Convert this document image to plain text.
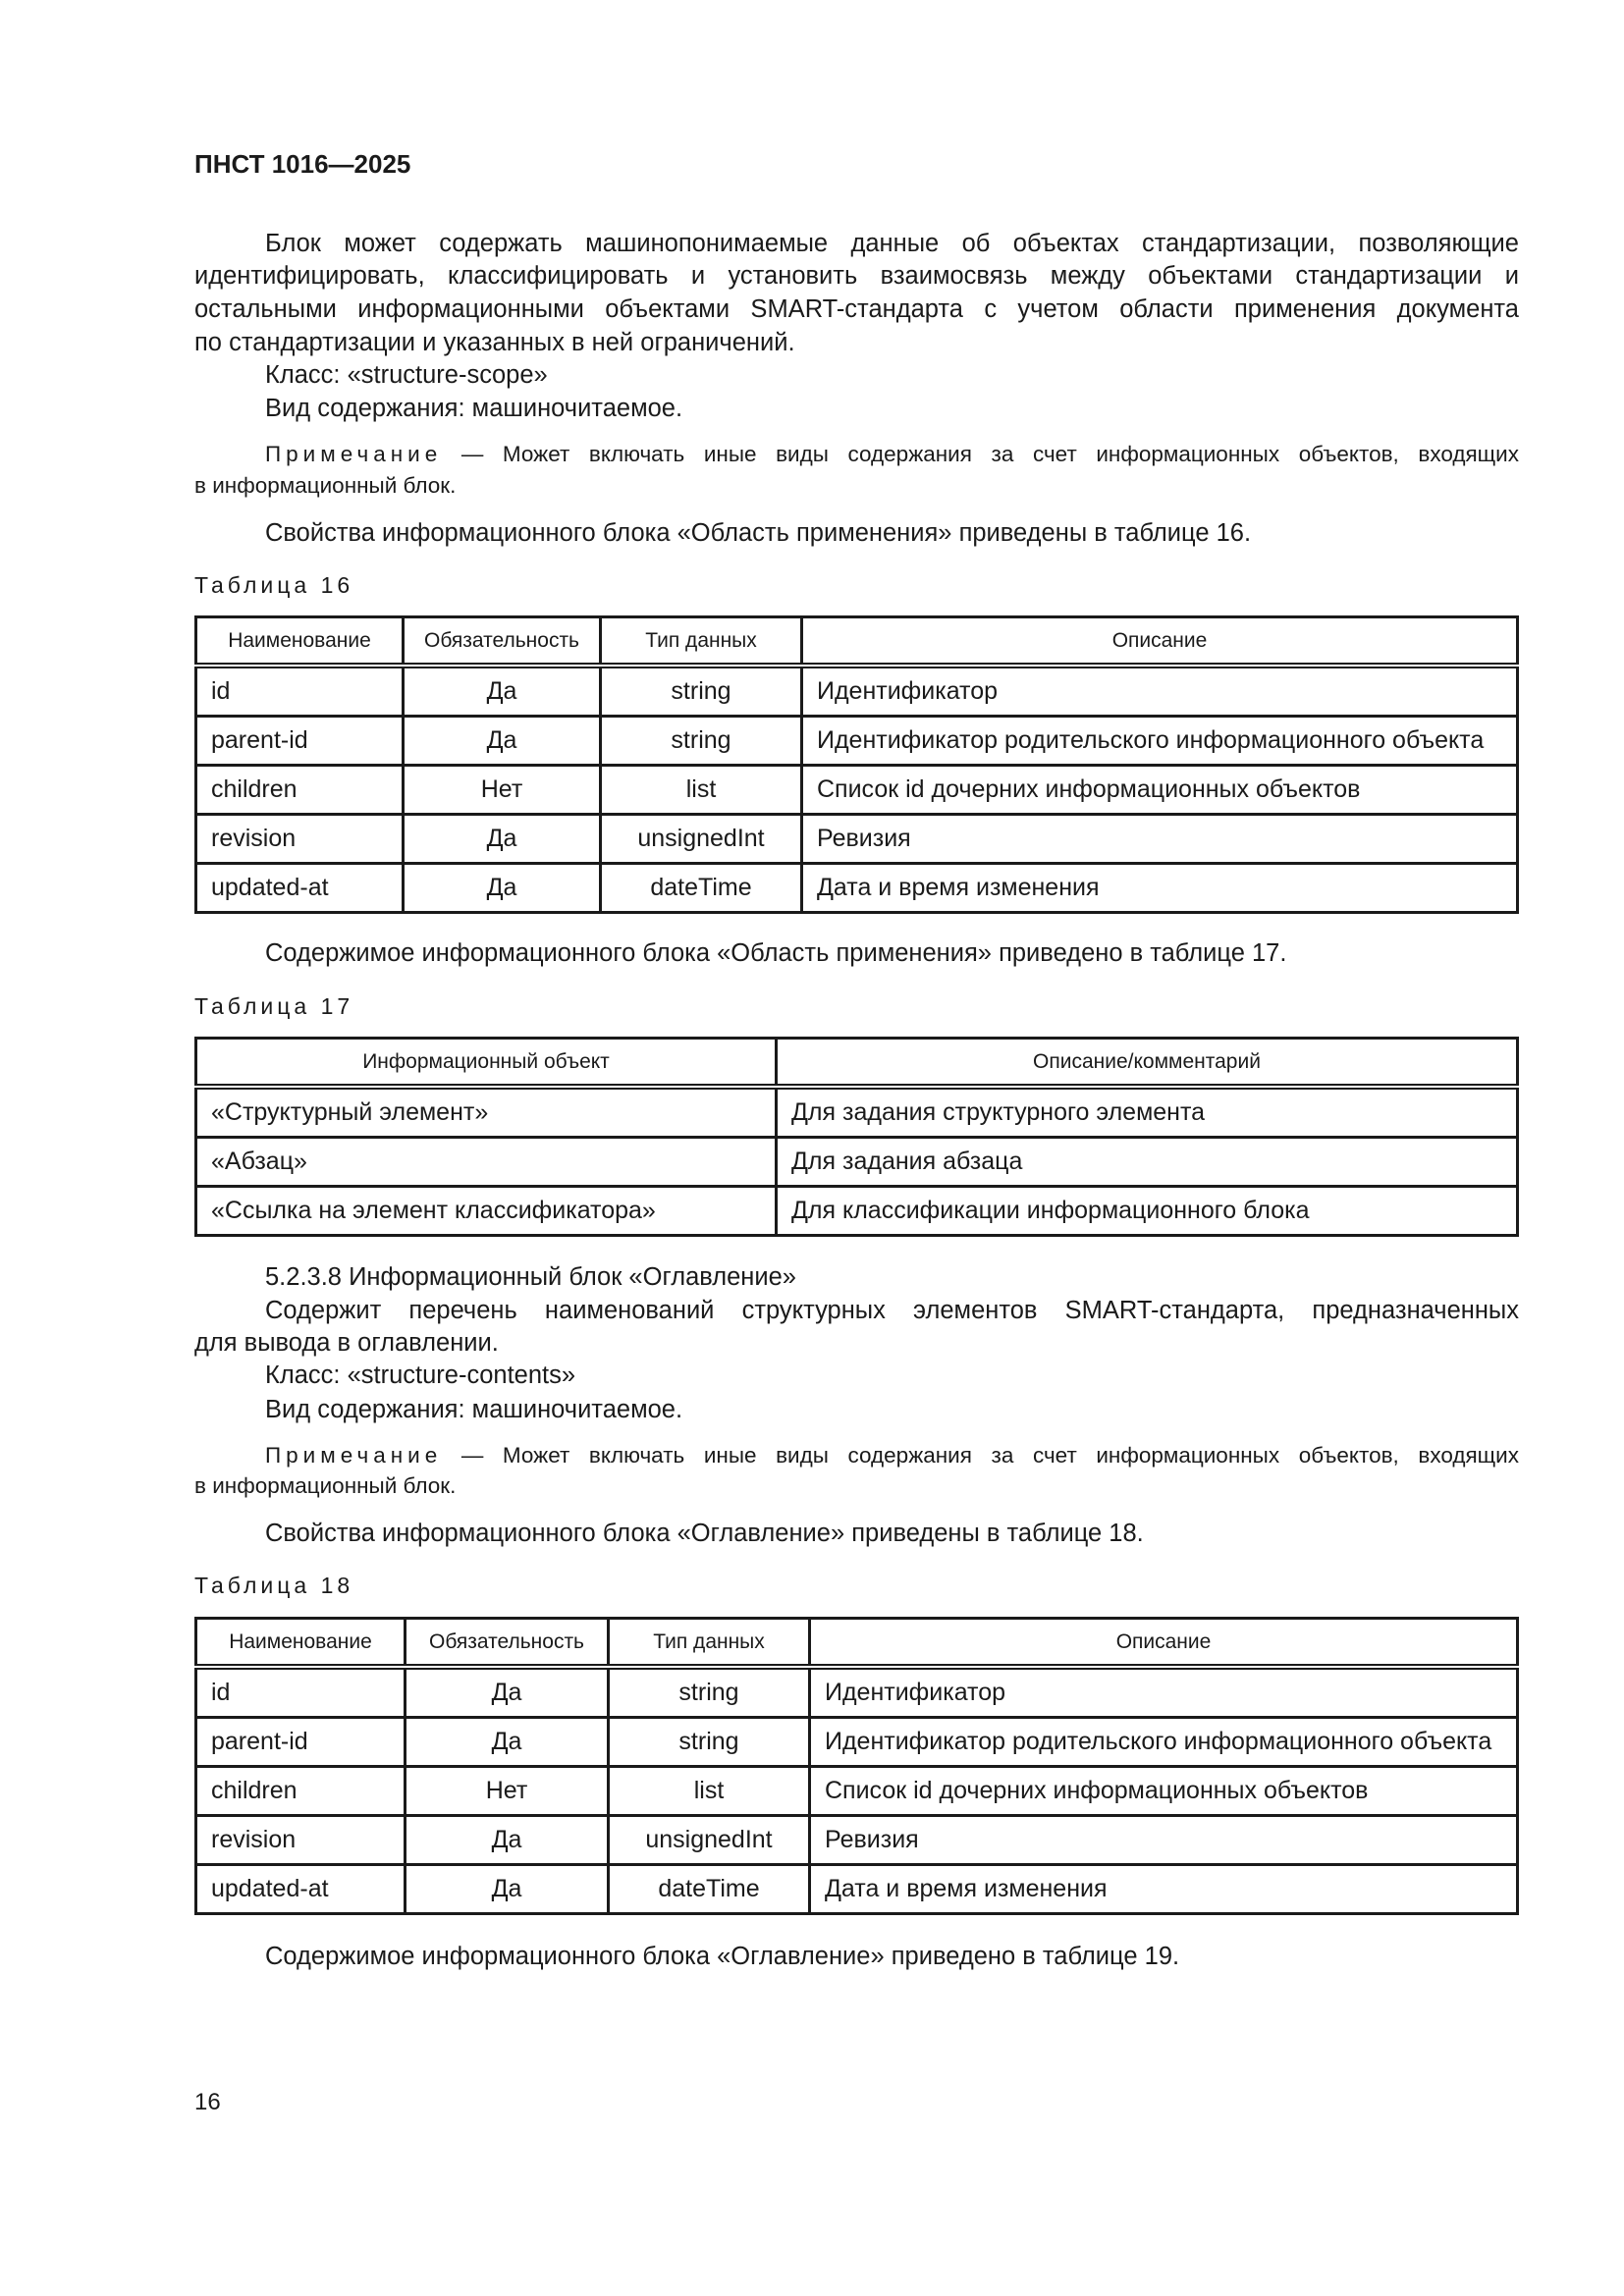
ПНСТ 1016—2025
Блок может содержать машинопонимаемые данные об объектах стандартизации, позволяющие
идентифицировать, классифицировать и установить взаимосвязь между объектами стандартизации и
остальными информационными объектами SMART-стандарта с учетом области применения документа
по стандартизации и указанных в ней ограничений.
Класс: «structure-scope»
Вид содержания: машиночитаемое.
Примечание — Может включать иные виды содержания за счет информационных объектов, входящих
в информационный блок.
Свойства информационного блока «Область применения» приведены в таблице 16.
Таблица 16
Наименование	Обязательность	Тип данных	Описание
id	Да	string	Идентификатор
parent-id	Да	string	Идентификатор родительского информационного объекта
children	Нет	list	Список id дочерних информационных объектов
revision	Да	unsignedInt	Ревизия
updated-at	Да	dateTime	Дата и время изменения
Содержимое информационного блока «Область применения» приведено в таблице 17.
Таблица 17
Информационный объект	Описание/комментарий
«Структурный элемент»	Для задания структурного элемента
«Абзац»	Для задания абзаца
«Ссылка на элемент классификатора»	Для классификации информационного блока
5.2.3.8 Информационный блок «Оглавление»
Содержит перечень наименований структурных элементов SMART-стандарта, предназначенных
для вывода в оглавлении.
Класс: «structure-contents»
Вид содержания: машиночитаемое.
Примечание — Может включать иные виды содержания за счет информационных объектов, входящих
в информационный блок.
Свойства информационного блока «Оглавление» приведены в таблице 18.
Таблица 18
Наименование	Обязательность	Тип данных	Описание
id	Да	string	Идентификатор
parent-id	Да	string	Идентификатор родительского информационного объекта
children	Нет	list	Список id дочерних информационных объектов
revision	Да	unsignedInt	Ревизия
updated-at	Да	dateTime	Дата и время изменения
Содержимое информационного блока «Оглавление» приведено в таблице 19.
16
